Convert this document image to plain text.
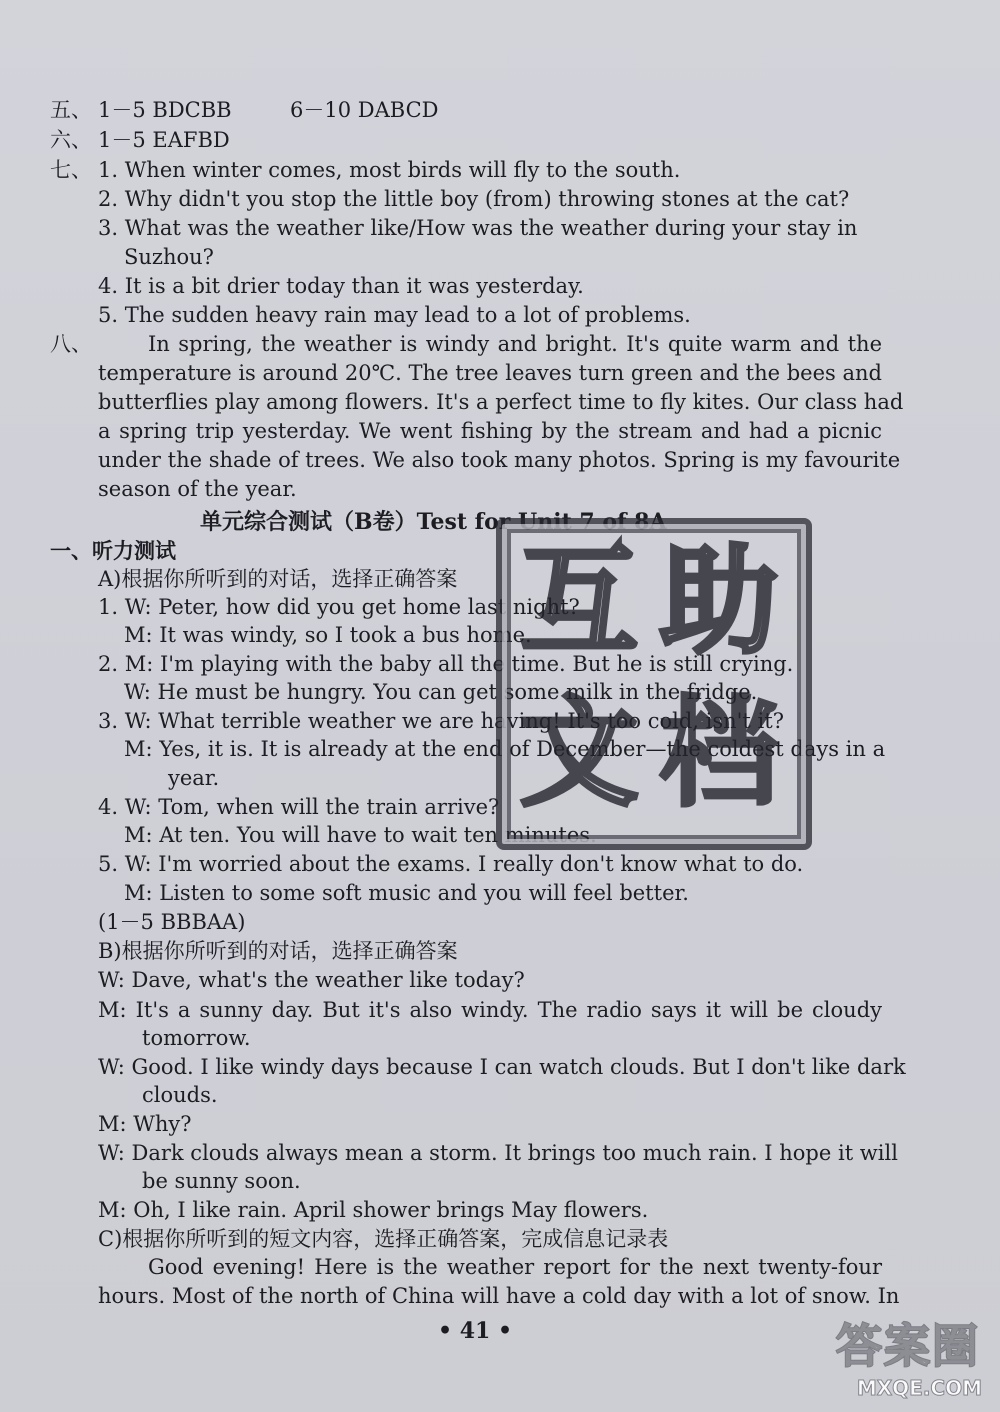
五、 1－5 BDCBB	6－10 DABCD
六、 1－5 EAFBD
七、 1. When winter comes, most birds will fly to the south.
2. Why didn't you stop the little boy (from) throwing stones at the cat?
3. What was the weather like/How was the weather during your stay in
Suzhou?
4. It is a bit drier today than it was yesterday.
5. The sudden heavy rain may lead to a lot of problems.
八、	In spring, the weather is windy and bright. It's quite warm and the
temperature is around 20℃. The tree leaves turn green and the bees and
butterflies play among flowers. It's a perfect time to fly kites. Our class had
a spring trip yesterday. We went fishing by the stream and had a picnic
under the shade of trees. We also took many photos. Spring is my favourite
season of the year.
单元综合测试（B卷）Test for Unit 7 of 8A
一、听力测试
A)根据你所听到的对话，选择正确答案
1. W: Peter, how did you get home last night?
M: It was windy, so I took a bus home.
2. M: I'm playing with the baby all the time. But he is still crying.
W: He must be hungry. You can get some milk in the fridge.
3. W: What terrible weather we are having! It's too cold, isn't it?
M: Yes, it is. It is already at the end of December—the coldest days in a
year.
4. W: Tom, when will the train arrive?
M: At ten. You will have to wait ten minutes.
5. W: I'm worried about the exams. I really don't know what to do.
M: Listen to some soft music and you will feel better.
(1－5 BBBAA)
B)根据你所听到的对话，选择正确答案
W: Dave, what's the weather like today?
M: It's a sunny day. But it's also windy. The radio says it will be cloudy
tomorrow.
W: Good. I like windy days because I can watch clouds. But I don't like dark
clouds.
M: Why?
W: Dark clouds always mean a storm. It brings too much rain. I hope it will
be sunny soon.
M: Oh, I like rain. April shower brings May flowers.
C)根据你所听到的短文内容，选择正确答案，完成信息记录表
Good evening! Here is the weather report for the next twenty-four
hours. Most of the north of China will have a cold day with a lot of snow. In
• 41 •
互 助
文 档
答案圈
MXQE.COM
